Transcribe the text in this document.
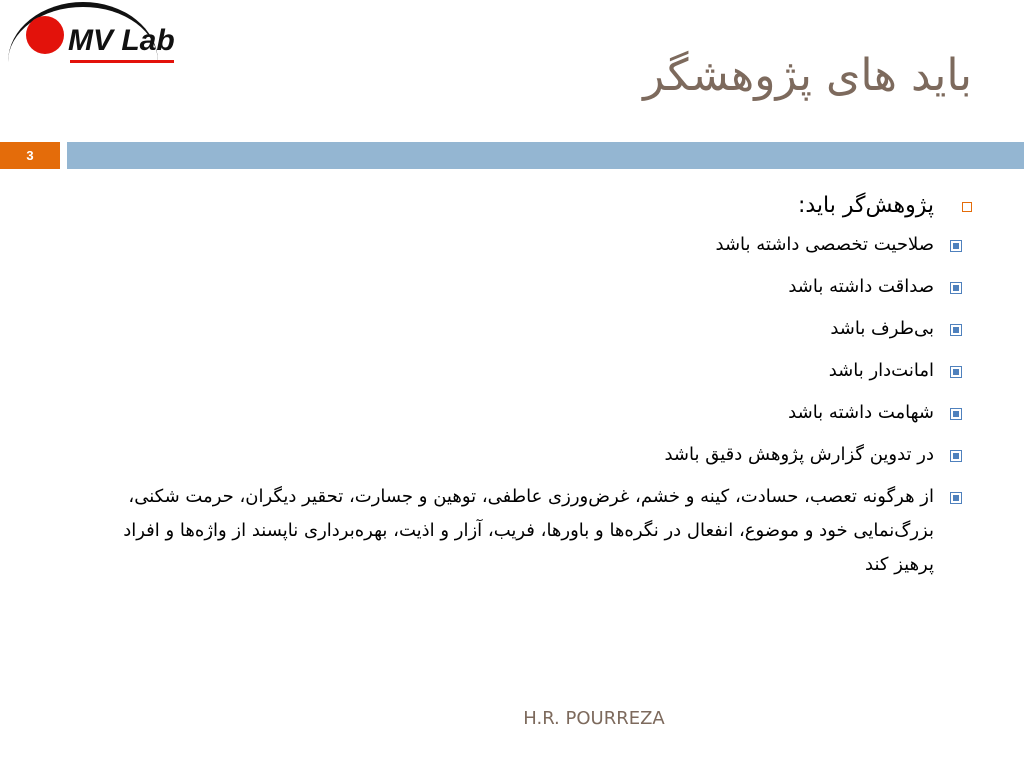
MV Lab
باید های پژوهشگر
3
پژوهش‌گر باید:
صلاحیت تخصصی داشته باشد
صداقت داشته باشد
بی‌طرف باشد
امانت‌دار باشد
شهامت داشته باشد
در تدوین گزارش پژوهش دقیق باشد
از هرگونه تعصب، حسادت، کینه و خشم، غرض‌ورزی عاطفی، توهین و جسارت، تحقیر دیگران، حرمت شکنی، بزرگ‌نمایی خود و موضوع، انفعال در نگره‌ها و باورها، فریب، آزار و اذیت، بهره‌برداری ناپسند از واژه‌ها و افراد پرهیز کند
H.R. POURREZA
